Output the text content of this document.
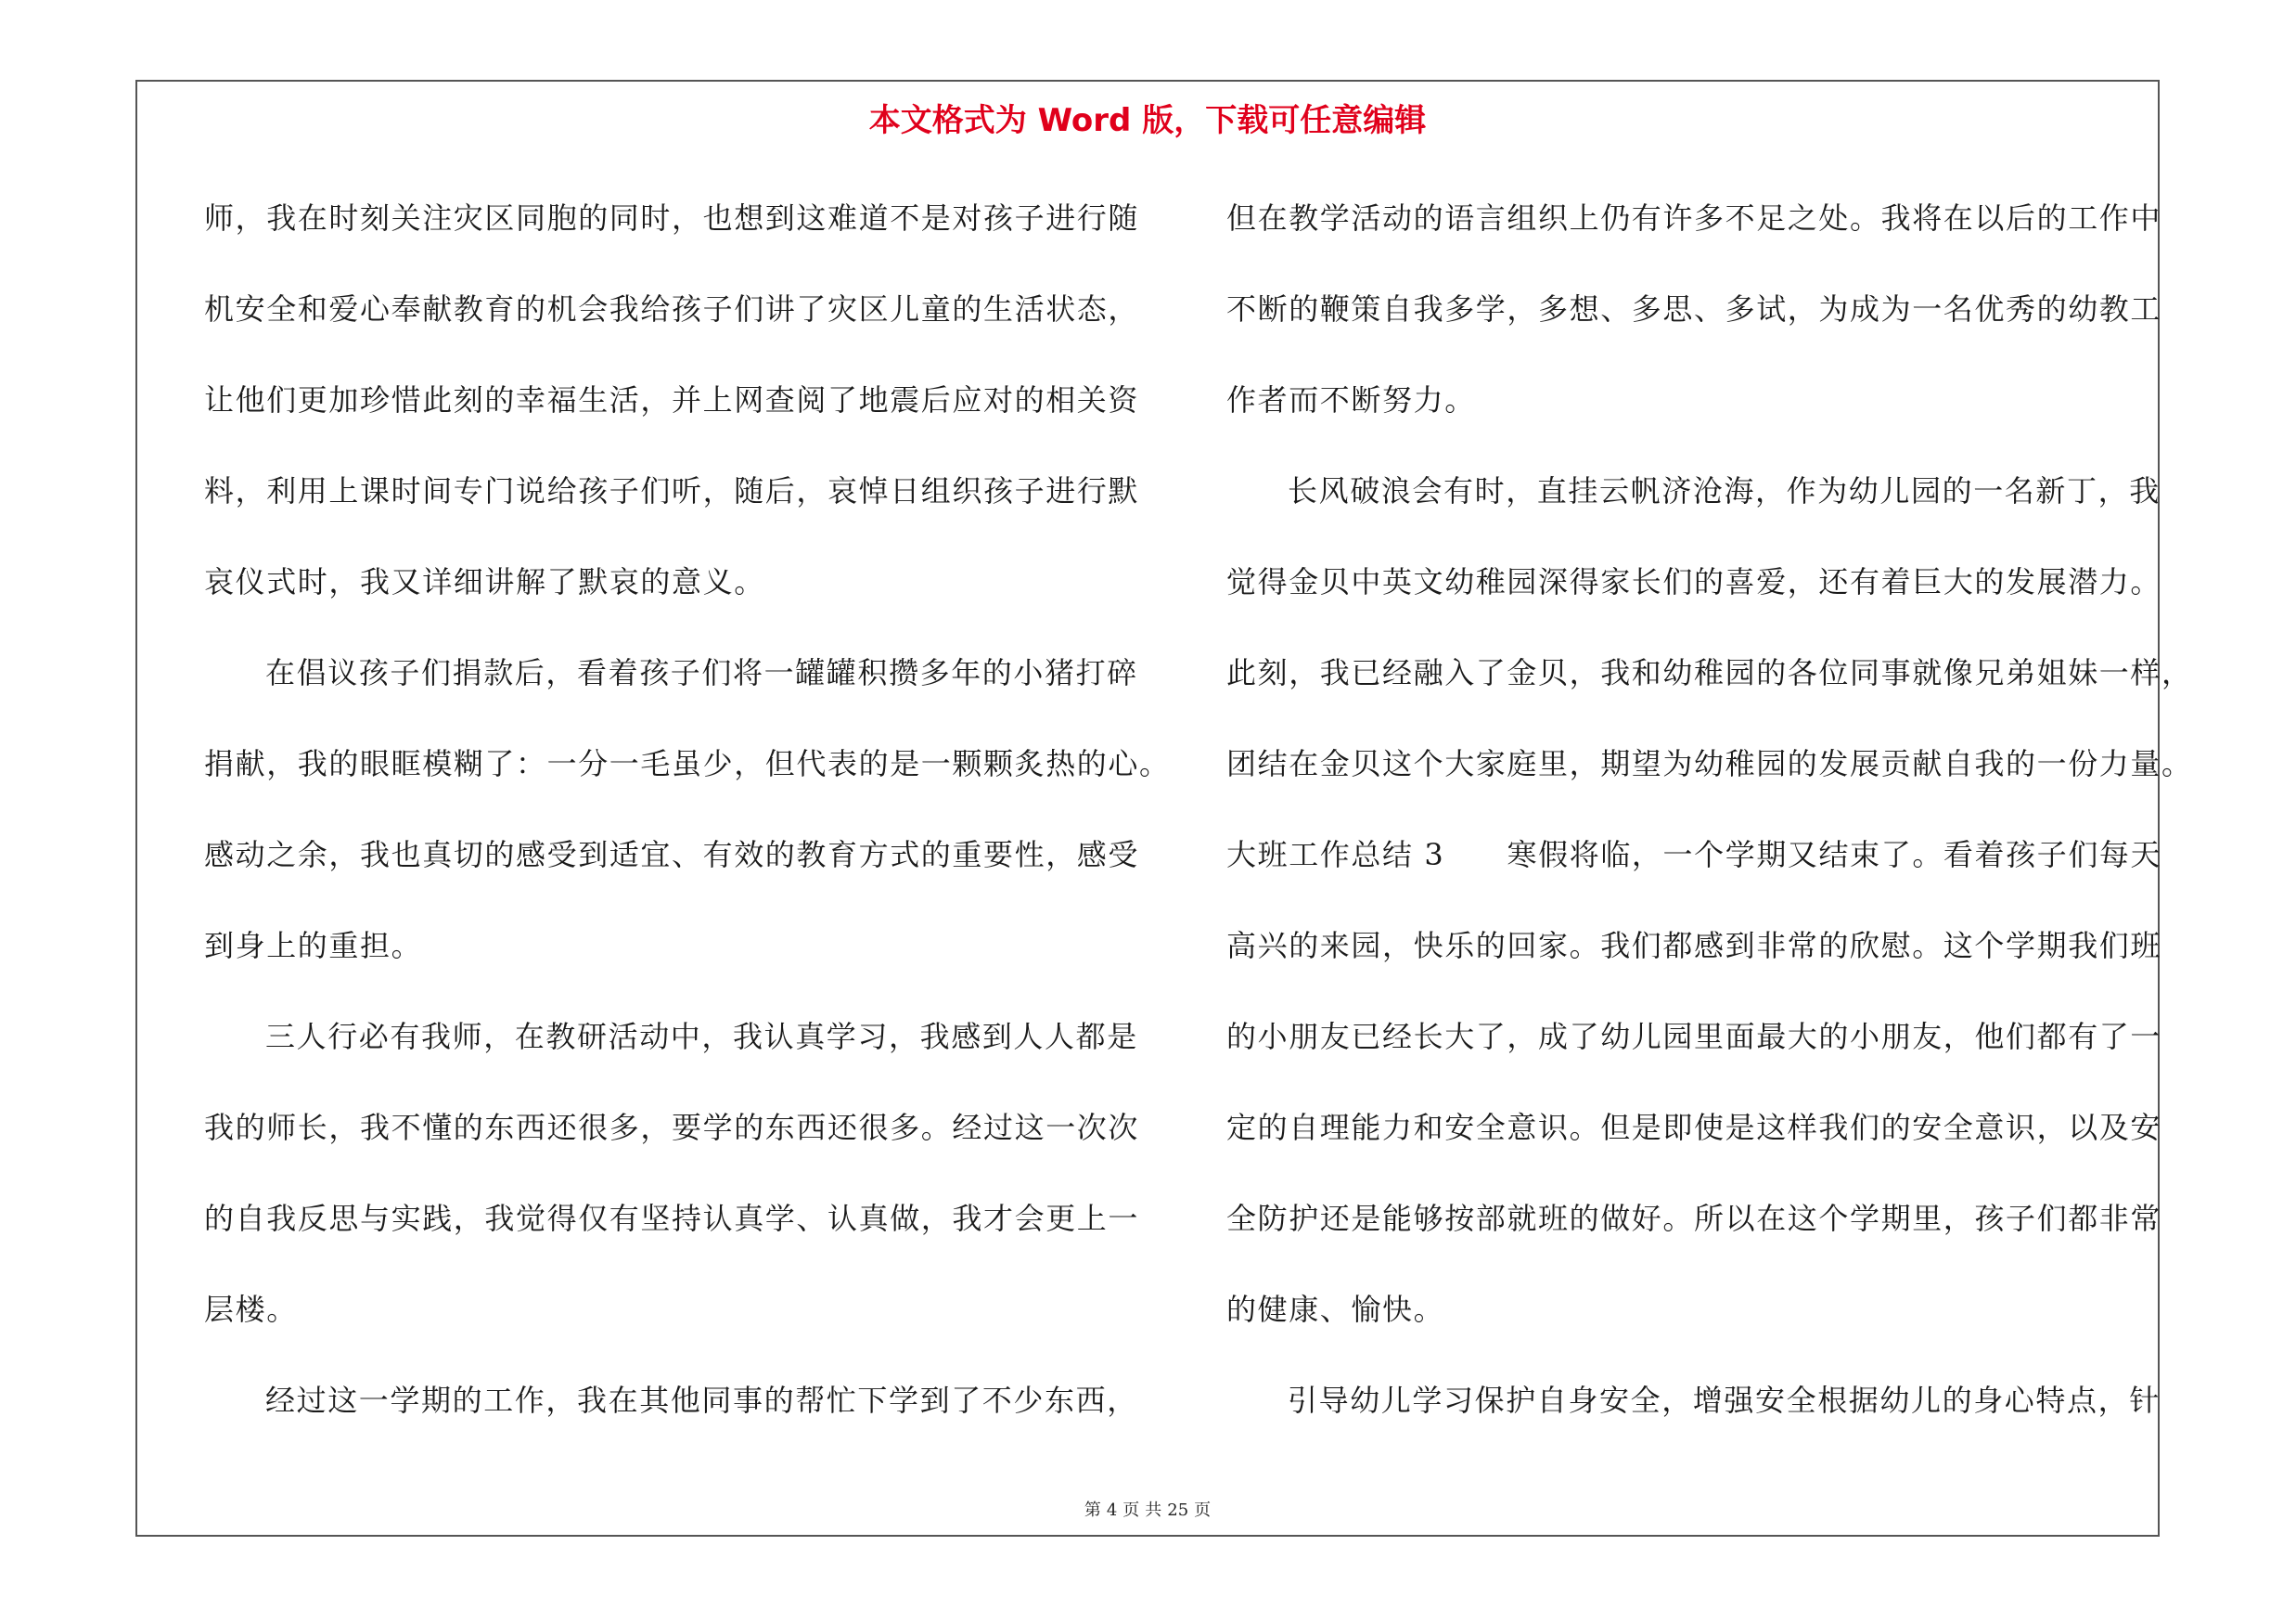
本文格式为 Word 版，下载可任意编辑

师，我在时刻关注灾区同胞的同时，也想到这难道不是对孩子进行随

机安全和爱心奉献教育的机会我给孩子们讲了灾区儿童的生活状态，

让他们更加珍惜此刻的幸福生活，并上网查阅了地震后应对的相关资

料，利用上课时间专门说给孩子们听，随后，哀悼日组织孩子进行默

哀仪式时，我又详细讲解了默哀的意义。

在倡议孩子们捐款后，看着孩子们将一罐罐积攒多年的小猪打碎

捐献，我的眼眶模糊了：一分一毛虽少，但代表的是一颗颗炙热的心。

感动之余，我也真切的感受到适宜、有效的教育方式的重要性，感受

到身上的重担。

三人行必有我师，在教研活动中，我认真学习，我感到人人都是

我的师长，我不懂的东西还很多，要学的东西还很多。经过这一次次

的自我反思与实践，我觉得仅有坚持认真学、认真做，我才会更上一

层楼。

经过这一学期的工作，我在其他同事的帮忙下学到了不少东西，

但在教学活动的语言组织上仍有许多不足之处。我将在以后的工作中

不断的鞭策自我多学，多想、多思、多试，为成为一名优秀的幼教工

作者而不断努力。

长风破浪会有时，直挂云帆济沧海，作为幼儿园的一名新丁，我

觉得金贝中英文幼稚园深得家长们的喜爱，还有着巨大的发展潜力。

此刻，我已经融入了金贝，我和幼稚园的各位同事就像兄弟姐妹一样，

团结在金贝这个大家庭里，期望为幼稚园的发展贡献自我的一份力量。

大班工作总结 3　　寒假将临，一个学期又结束了。看着孩子们每天

高兴的来园，快乐的回家。我们都感到非常的欣慰。这个学期我们班

的小朋友已经长大了，成了幼儿园里面最大的小朋友，他们都有了一

定的自理能力和安全意识。但是即使是这样我们的安全意识，以及安

全防护还是能够按部就班的做好。所以在这个学期里，孩子们都非常

的健康、愉快。

引导幼儿学习保护自身安全，增强安全根据幼儿的身心特点，针

第 4 页 共 25 页
